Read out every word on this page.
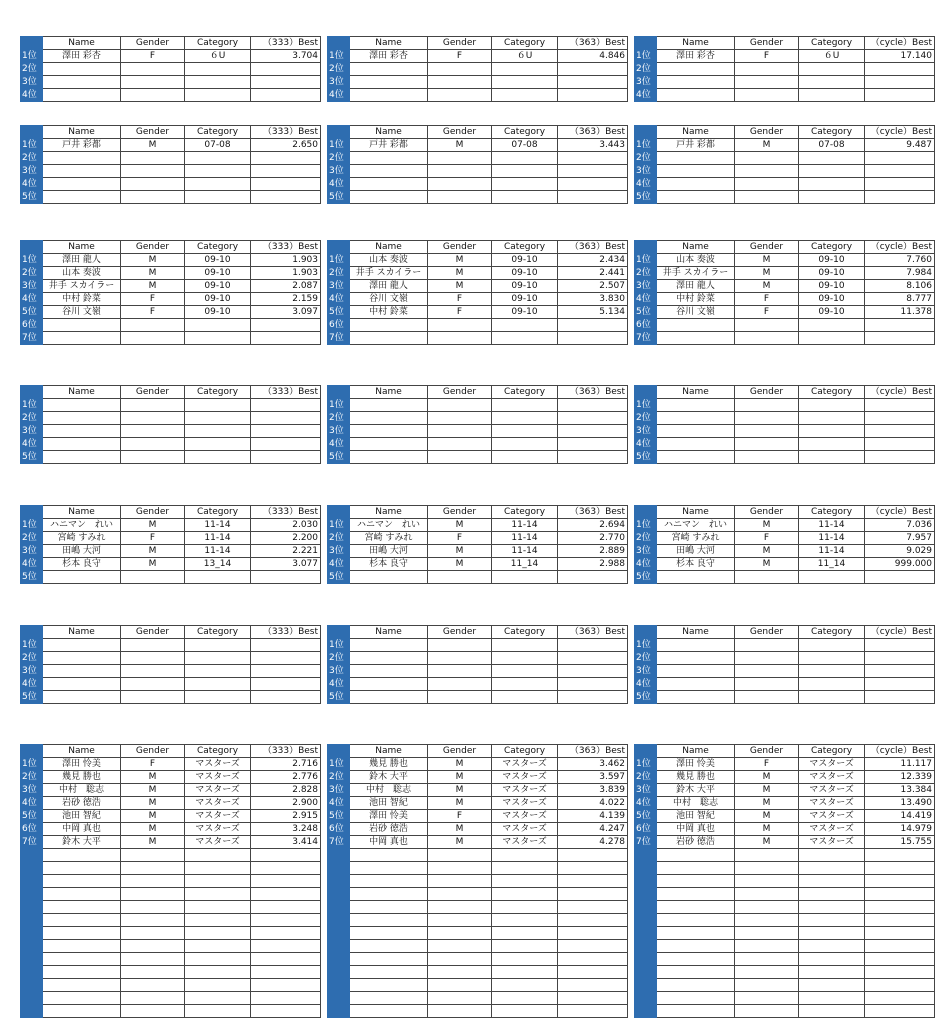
	Name	Gender	Category	（333）Best
1位	澤田 彩杏	F	６U	3.704
2位				
3位				
4位				
	Name	Gender	Category	（363）Best
1位	澤田 彩杏	F	６U	4.846
2位				
3位				
4位				
	Name	Gender	Category	（cycle）Best
1位	澤田 彩杏	F	６U	17.140
2位				
3位				
4位				
	Name	Gender	Category	（333）Best
1位	戸井 彩都	M	07-08	2.650
2位				
3位				
4位				
5位				
	Name	Gender	Category	（363）Best
1位	戸井 彩都	M	07-08	3.443
2位				
3位				
4位				
5位				
	Name	Gender	Category	（cycle）Best
1位	戸井 彩都	M	07-08	9.487
2位				
3位				
4位				
5位				
	Name	Gender	Category	（333）Best
1位	澤田 龍人	M	09-10	1.903
2位	山本 奏波	M	09-10	1.903
3位	井手 スカイラー	M	09-10	2.087
4位	中村 鈴菜	F	09-10	2.159
5位	谷川 文嶺	F	09-10	3.097
6位				
7位				
	Name	Gender	Category	（363）Best
1位	山本 奏波	M	09-10	2.434
2位	井手 スカイラー	M	09-10	2.441
3位	澤田 龍人	M	09-10	2.507
4位	谷川 文嶺	F	09-10	3.830
5位	中村 鈴菜	F	09-10	5.134
6位				
7位				
	Name	Gender	Category	（cycle）Best
1位	山本 奏波	M	09-10	7.760
2位	井手 スカイラー	M	09-10	7.984
3位	澤田 龍人	M	09-10	8.106
4位	中村 鈴菜	F	09-10	8.777
5位	谷川 文嶺	F	09-10	11.378
6位				
7位				
	Name	Gender	Category	（333）Best
1位				
2位				
3位				
4位				
5位				
	Name	Gender	Category	（363）Best
1位				
2位				
3位				
4位				
5位				
	Name	Gender	Category	（cycle）Best
1位				
2位				
3位				
4位				
5位				
	Name	Gender	Category	（333）Best
1位	ハニマン　れい	M	11-14	2.030
2位	宮崎 すみれ	F	11-14	2.200
3位	田嶋 大河	M	11-14	2.221
4位	杉本 良守	M	13_14	3.077
5位				
	Name	Gender	Category	（363）Best
1位	ハニマン　れい	M	11-14	2.694
2位	宮崎 すみれ	F	11-14	2.770
3位	田嶋 大河	M	11-14	2.889
4位	杉本 良守	M	11_14	2.988
5位				
	Name	Gender	Category	（cycle）Best
1位	ハニマン　れい	M	11-14	7.036
2位	宮崎 すみれ	F	11-14	7.957
3位	田嶋 大河	M	11-14	9.029
4位	杉本 良守	M	11_14	999.000
5位				
	Name	Gender	Category	（333）Best
1位				
2位				
3位				
4位				
5位				
	Name	Gender	Category	（363）Best
1位				
2位				
3位				
4位				
5位				
	Name	Gender	Category	（cycle）Best
1位				
2位				
3位				
4位				
5位				
	Name	Gender	Category	（333）Best
1位	澤田 怜美	F	マスターズ	2.716
2位	幾見 勝也	M	マスターズ	2.776
3位	中村　聡志	M	マスターズ	2.828
4位	岩砂 徳浩	M	マスターズ	2.900
5位	池田 智紀	M	マスターズ	2.915
6位	中岡 真也	M	マスターズ	3.248
7位	鈴木 大平	M	マスターズ	3.414

	Name	Gender	Category	（363）Best
1位	幾見 勝也	M	マスターズ	3.462
2位	鈴木 大平	M	マスターズ	3.597
3位	中村　聡志	M	マスターズ	3.839
4位	池田 智紀	M	マスターズ	4.022
5位	澤田 怜美	F	マスターズ	4.139
6位	岩砂 徳浩	M	マスターズ	4.247
7位	中岡 真也	M	マスターズ	4.278

	Name	Gender	Category	（cycle）Best
1位	澤田 怜美	F	マスターズ	11.117
2位	幾見 勝也	M	マスターズ	12.339
3位	鈴木 大平	M	マスターズ	13.384
4位	中村　聡志	M	マスターズ	13.490
5位	池田 智紀	M	マスターズ	14.419
6位	中岡 真也	M	マスターズ	14.979
7位	岩砂 徳浩	M	マスターズ	15.755
